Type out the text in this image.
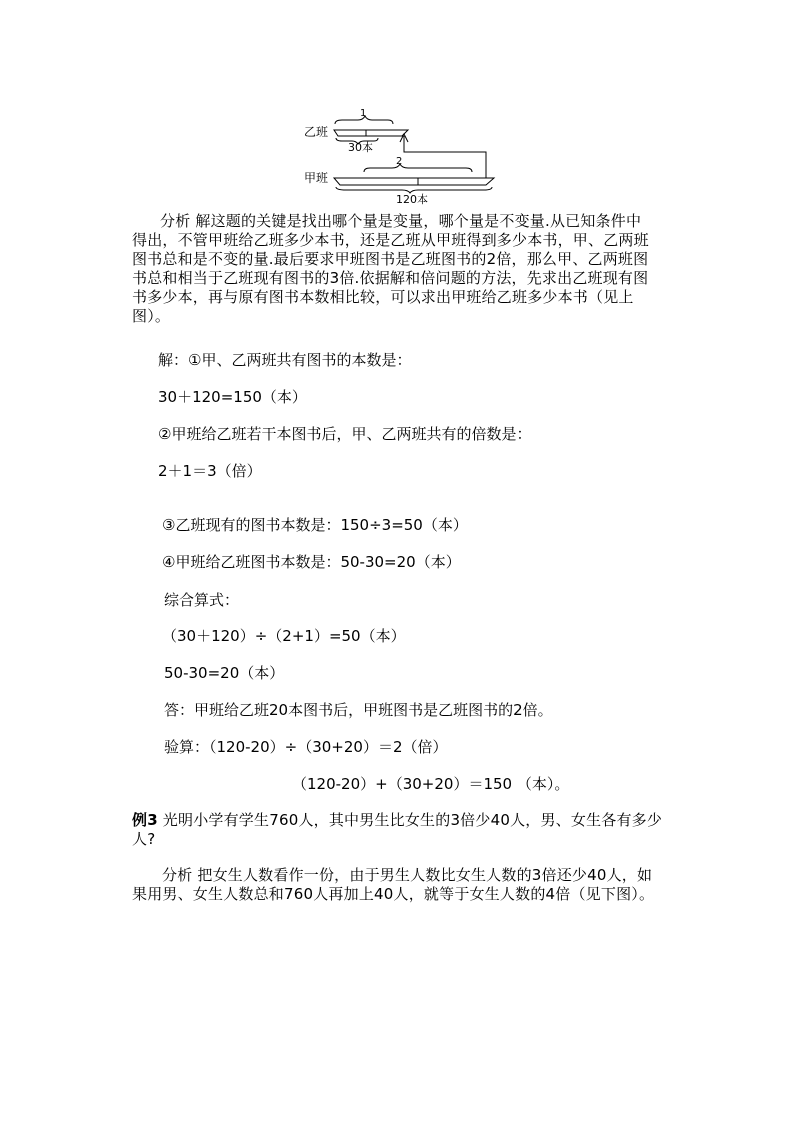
乙班
1
30本
甲班
2
120本
分析 解这题的关键是找出哪个量是变量，哪个量是不变量.从已知条件中
得出，不管甲班给乙班多少本书，还是乙班从甲班得到多少本书，甲、乙两班
图书总和是不变的量.最后要求甲班图书是乙班图书的2倍，那么甲、乙两班图
书总和相当于乙班现有图书的3倍.依据解和倍问题的方法，先求出乙班现有图
书多少本，再与原有图书本数相比较，可以求出甲班给乙班多少本书（见上
图）。
解：①甲、乙两班共有图书的本数是：
30＋120=150（本）
②甲班给乙班若干本图书后，甲、乙两班共有的倍数是：
2＋1＝3（倍）
③乙班现有的图书本数是：150÷3=50（本）
④甲班给乙班图书本数是：50-30=20（本）
综合算式：
（30＋120）÷（2+1）=50（本）
50-30=20（本）
答：甲班给乙班20本图书后，甲班图书是乙班图书的2倍。
验算：（120-20）÷（30+20）＝2（倍）
（120-20）+（30+20）＝150 （本）。
例3 光明小学有学生760人，其中男生比女生的3倍少40人，男、女生各有多少
人?
分析 把女生人数看作一份，由于男生人数比女生人数的3倍还少40人，如
果用男、女生人数总和760人再加上40人，就等于女生人数的4倍（见下图）。
